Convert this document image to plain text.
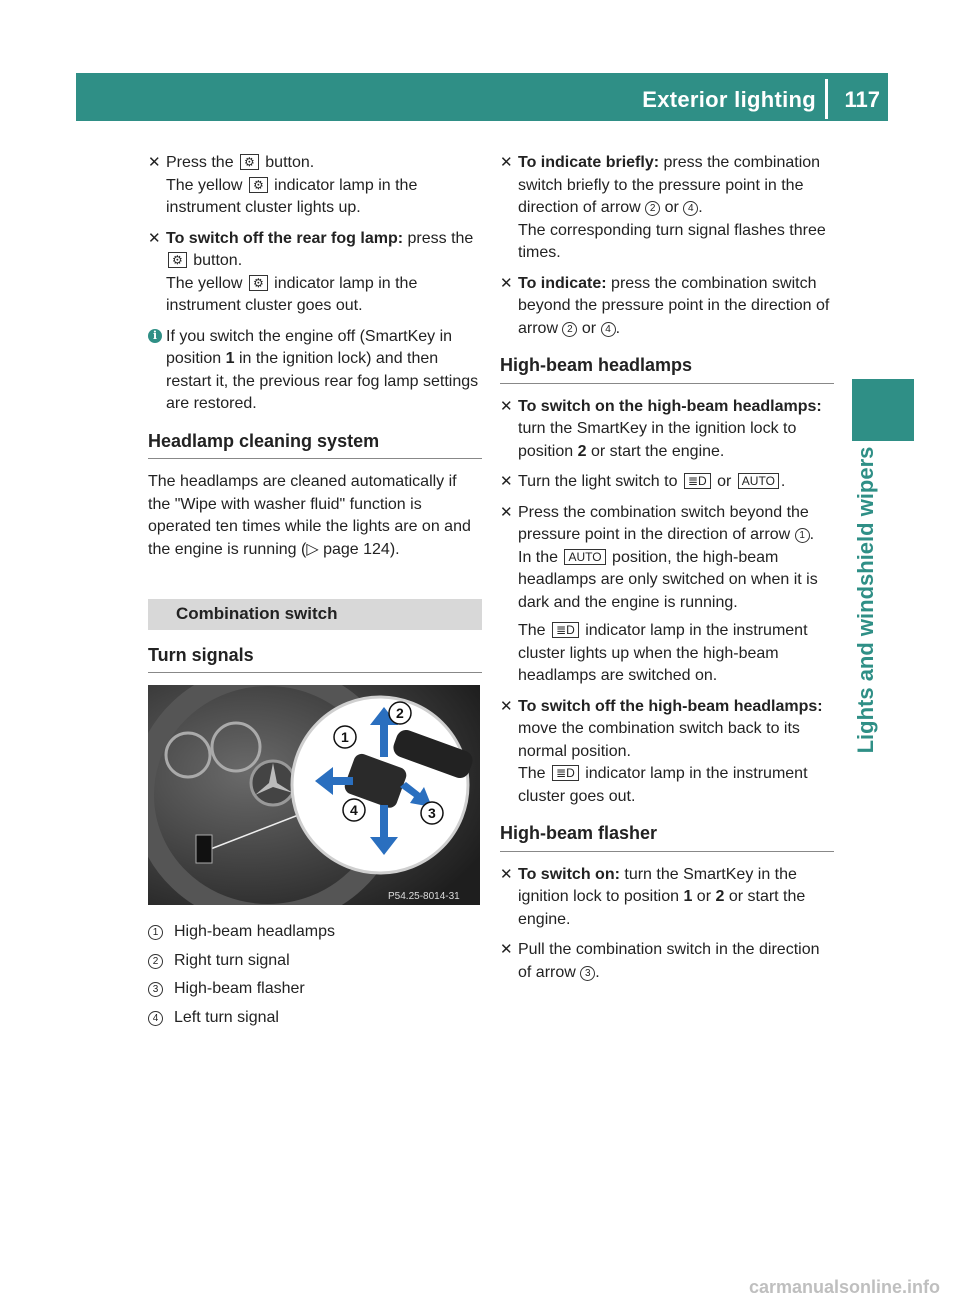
Exterior lighting 117
Lights and windshield wipers
✕ Press the ⚙ button.
The yellow ⚙ indicator lamp in the instrument cluster lights up.
✕ To switch off the rear fog lamp: press the ⚙ button.
The yellow ⚙ indicator lamp in the instrument cluster goes out.
i If you switch the engine off (SmartKey in position 1 in the ignition lock) and then restart it, the previous rear fog lamp settings are restored.
Headlamp cleaning system
The headlamps are cleaned automatically if the "Wipe with washer fluid" function is operated ten times while the lights are on and the engine is running (▷ page 124).
Combination switch
Turn signals
1
2
3
4
P54.25-8014-31
1 High-beam headlamps
2 Right turn signal
3 High-beam flasher
4 Left turn signal
✕ To indicate briefly: press the combination switch briefly to the pressure point in the direction of arrow 2 or 4 .
The corresponding turn signal flashes three times.
✕ To indicate: press the combination switch beyond the pressure point in the direction of arrow 2 or 4 .
High-beam headlamps
✕ To switch on the high-beam headlamps: turn the SmartKey in the ignition lock to position 2 or start the engine.
✕ Turn the light switch to ≣D or AUTO .
✕ Press the combination switch beyond the pressure point in the direction of arrow 1 .
In the AUTO position, the high-beam headlamps are only switched on when it is dark and the engine is running.
The ≣D indicator lamp in the instrument cluster lights up when the high-beam headlamps are switched on.
✕ To switch off the high-beam headlamps: move the combination switch back to its normal position.
The ≣D indicator lamp in the instrument cluster goes out.
High-beam flasher
✕ To switch on: turn the SmartKey in the ignition lock to position 1 or 2 or start the engine.
✕ Pull the combination switch in the direction of arrow 3 .
carmanualsonline.info
